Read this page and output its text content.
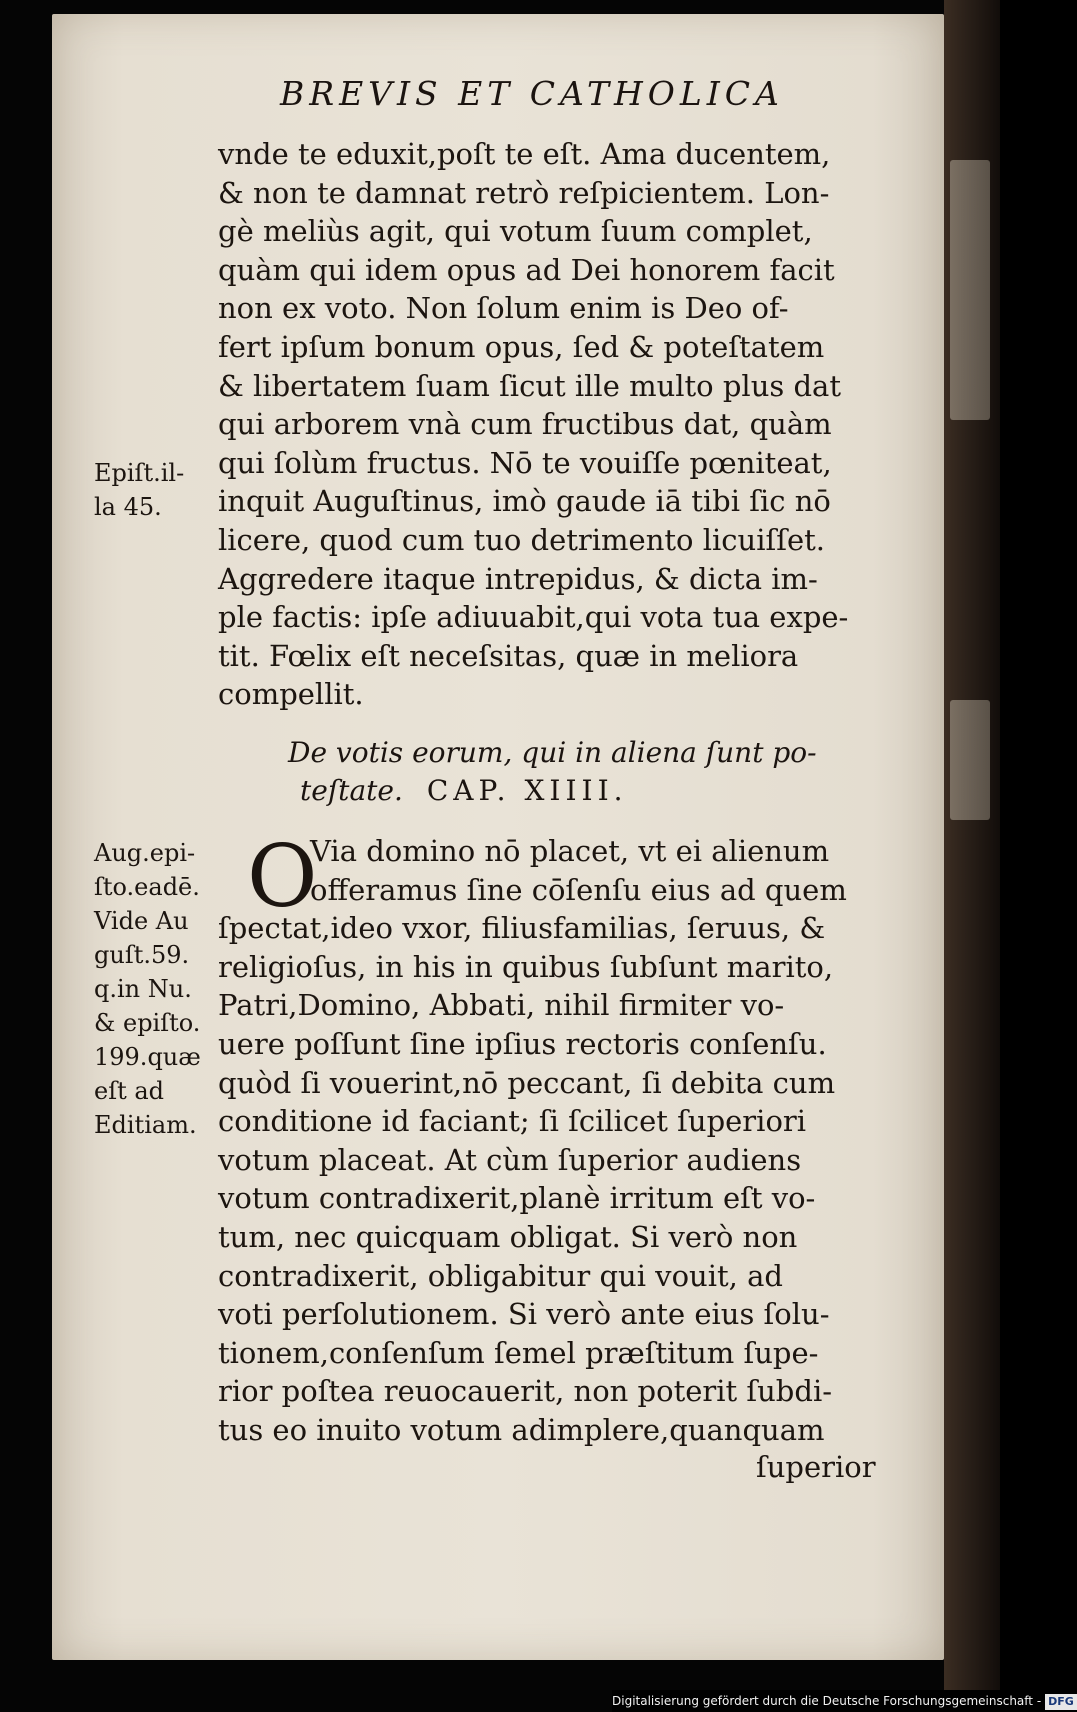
BREVIS ET CATHOLICA
vnde te eduxit,poſt te eſt. Ama ducentem,
& non te damnat retrò reſpicientem. Lon-
gè meliùs agit, qui votum ſuum complet,
quàm qui idem opus ad Dei honorem facit
non ex voto. Non ſolum enim is Deo of-
fert ipſum bonum opus, ſed & poteſtatem
& libertatem ſuam ſicut ille multo plus dat
qui arborem vnà cum fructibus dat, quàm
qui ſolùm fructus. Nō te vouiſſe pœniteat,
inquit Auguſtinus, imò gaude iā tibi ſic nō
licere, quod cum tuo detrimento licuiſſet.
Aggredere itaque intrepidus, & dicta im-
ple factis: ipſe adiuuabit,qui vota tua expe-
tit. Fœlix eſt neceſsitas, quæ in meliora
compellit.
Epiſt.il-
la 45.
De votis eorum, qui in aliena ſunt po-
teſtate. CAP. XIIII.
O
Via domino nō placet, vt ei alienum
offeramus ſine cōſenſu eius ad quem
ſpectat,ideo vxor, filiusfamilias, ſeruus, &
religioſus, in his in quibus ſubſunt marito,
Patri,Domino, Abbati, nihil firmiter vo-
uere poſſunt ſine ipſius rectoris conſenſu.
quòd ſi vouerint,nō peccant, ſi debita cum
conditione id faciant; ſi ſcilicet ſuperiori
votum placeat. At cùm ſuperior audiens
votum contradixerit,planè irritum eſt vo-
tum, nec quicquam obligat. Si verò non
contradixerit, obligabitur qui vouit, ad
voti perſolutionem. Si verò ante eius ſolu-
tionem,conſenſum ſemel præſtitum ſupe-
rior poſtea reuocauerit, non poterit ſubdi-
tus eo inuito votum adimplere,quanquam
ſuperior
Aug.epi-
ſto.eadē.
Vide Au
guſt.59.
q.in Nu.
& epiſto.
199.quæ
eſt ad
Editiam.
Digitalisierung gefördert durch die Deutsche Forschungsgemeinschaft - DFG
